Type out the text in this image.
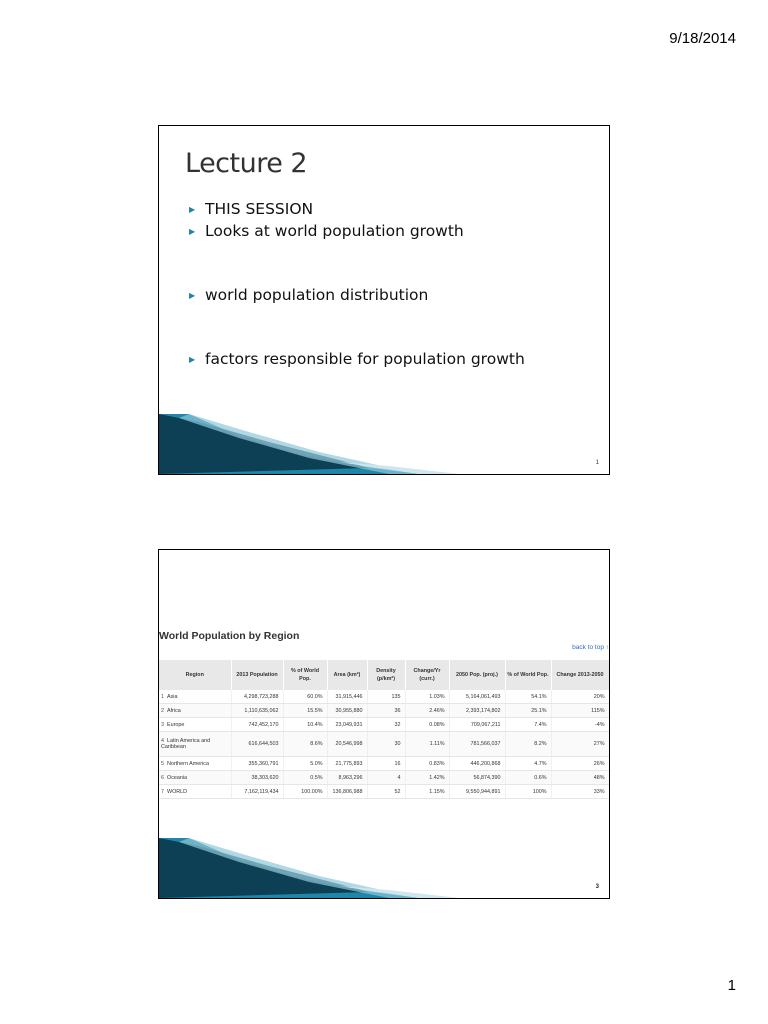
9/18/2014
Lecture 2
▶ THIS SESSION
▶ Looks at world population growth
▶ world population distribution
▶ factors responsible for population growth
1
World Population by Region
back to top ↑
Region	2013 Population	% of World Pop.	Area (km²)	Density (p/km²)	Change/Yr (curr.)	2050 Pop. (proj.)	% of World Pop.	Change 2013-2050
1 Asia	4,298,723,288	60.0%	31,915,446	135	1.03%	5,164,061,493	54.1%	20%
2 Africa	1,110,635,062	15.5%	30,955,880	36	2.46%	2,393,174,802	25.1%	115%
3 Europe	742,452,170	10.4%	23,049,931	32	0.08%	709,067,211	7.4%	-4%
4 Latin America and Caribbean	616,644,503	8.6%	20,546,998	30	1.11%	781,566,037	8.2%	27%
5 Northern America	355,360,791	5.0%	21,775,893	16	0.83%	446,200,868	4.7%	26%
6 Oceania	38,303,620	0.5%	8,963,296	4	1.42%	56,874,390	0.6%	48%
7 WORLD	7,162,119,434	100.00%	136,806,988	52	1.15%	9,550,944,891	100%	33%
3
1
